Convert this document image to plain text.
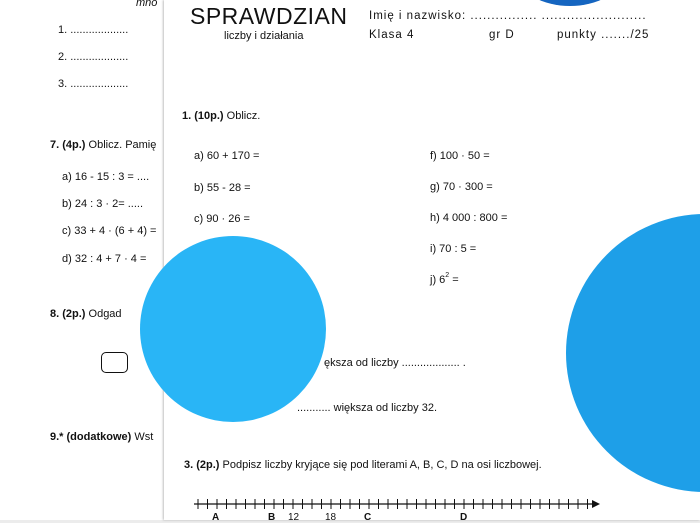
mno
1. ...................
2. ...................
3. ...................
7. (4p.) Oblicz. Pamię
a) 16 - 15 : 3 = ....
b) 24 : 3 · 2= .....
c) 33 + 4 · (6 + 4) =
d) 32 : 4 + 7 · 4 =
8. (2p.) Odgad
9.* (dodatkowe) Wst
SPRAWDZIAN
liczby i działania
Imię i nazwisko: ................ .........................
Klasa 4	gr D	punkty ......./25
1. (10p.) Oblicz.
a) 60 + 170 =
b) 55 - 28 =
c) 90 · 26 =
f) 100 · 50 =
g) 70 · 300 =
h) 4 000 : 800 =
i) 70 : 5 =
j) $6^2$ =
ększa od liczby ................... .
........... większa od liczby 32.
3. (2p.) Podpisz liczby kryjące się pod literami A, B, C, D na osi liczbowej.
A	B 12	18	C	D
